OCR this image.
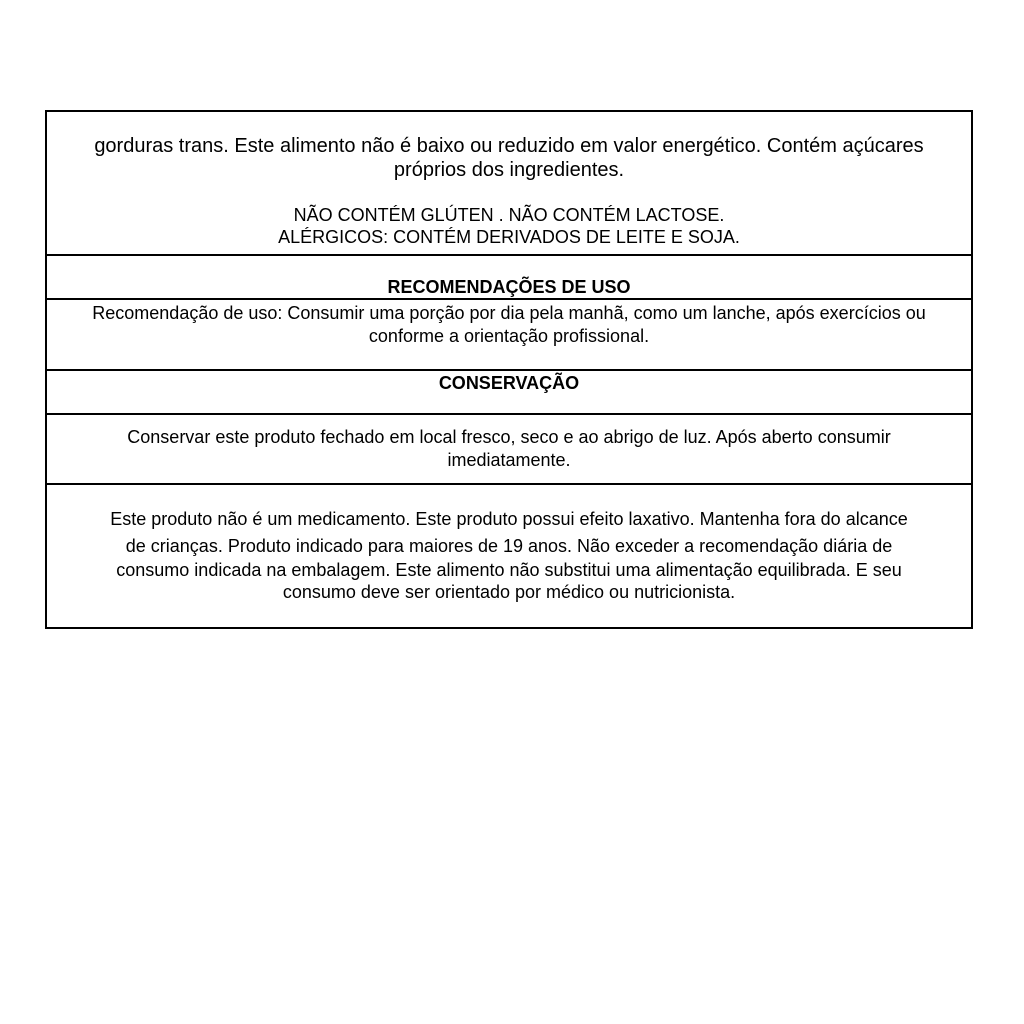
gorduras trans. Este alimento não é baixo ou reduzido em valor energético. Contém açúcares
próprios dos ingredientes.
NÃO CONTÉM GLÚTEN . NÃO CONTÉM LACTOSE.
ALÉRGICOS: CONTÉM DERIVADOS DE LEITE E SOJA.
RECOMENDAÇÕES DE USO
Recomendação de uso: Consumir uma porção por dia pela manhã, como um lanche, após exercícios ou conforme a orientação profissional.
CONSERVAÇÃO
Conservar este produto fechado em local fresco, seco e ao abrigo de luz. Após aberto consumir imediatamente.
Este produto não é um medicamento. Este produto possui efeito laxativo. Mantenha fora do alcance
de crianças. Produto indicado para maiores de 19 anos. Não exceder a recomendação diária de
consumo indicada na embalagem. Este alimento não substitui uma alimentação equilibrada. E seu
consumo deve ser orientado por médico ou nutricionista.
